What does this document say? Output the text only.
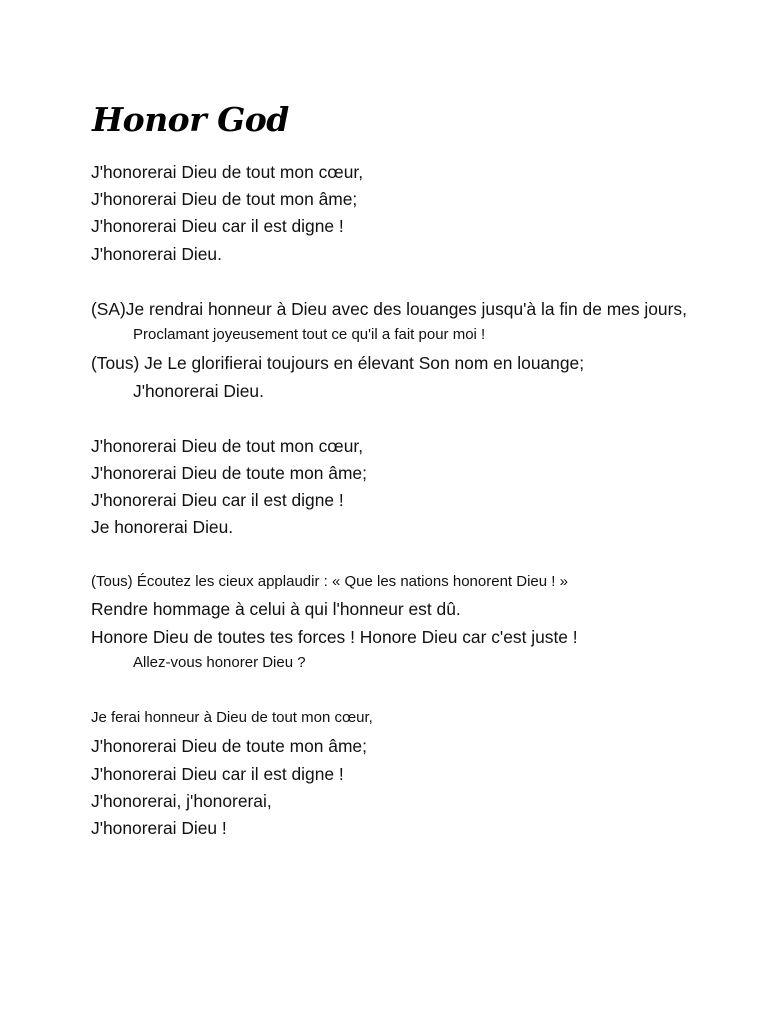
Honor God
J'honorerai Dieu de tout mon cœur,
J'honorerai Dieu de tout mon âme;
J'honorerai Dieu car il est digne !
J'honorerai Dieu.
(SA)Je rendrai honneur à Dieu avec des louanges jusqu'à la fin de mes jours,
Proclamant joyeusement tout ce qu'il a fait pour moi !
(Tous) Je Le glorifierai toujours en élevant Son nom en louange;
J'honorerai Dieu.
J'honorerai Dieu de tout mon cœur,
J'honorerai Dieu de toute mon âme;
J'honorerai Dieu car il est digne !
Je honorerai Dieu.
(Tous) Écoutez les cieux applaudir : « Que les nations honorent Dieu ! »
Rendre hommage à celui à qui l'honneur est dû.
Honore Dieu de toutes tes forces ! Honore Dieu car c'est juste !
Allez-vous honorer Dieu ?
Je ferai honneur à Dieu de tout mon cœur,
J'honorerai Dieu de toute mon âme;
J'honorerai Dieu car il est digne !
J'honorerai, j'honorerai,
J'honorerai Dieu !
